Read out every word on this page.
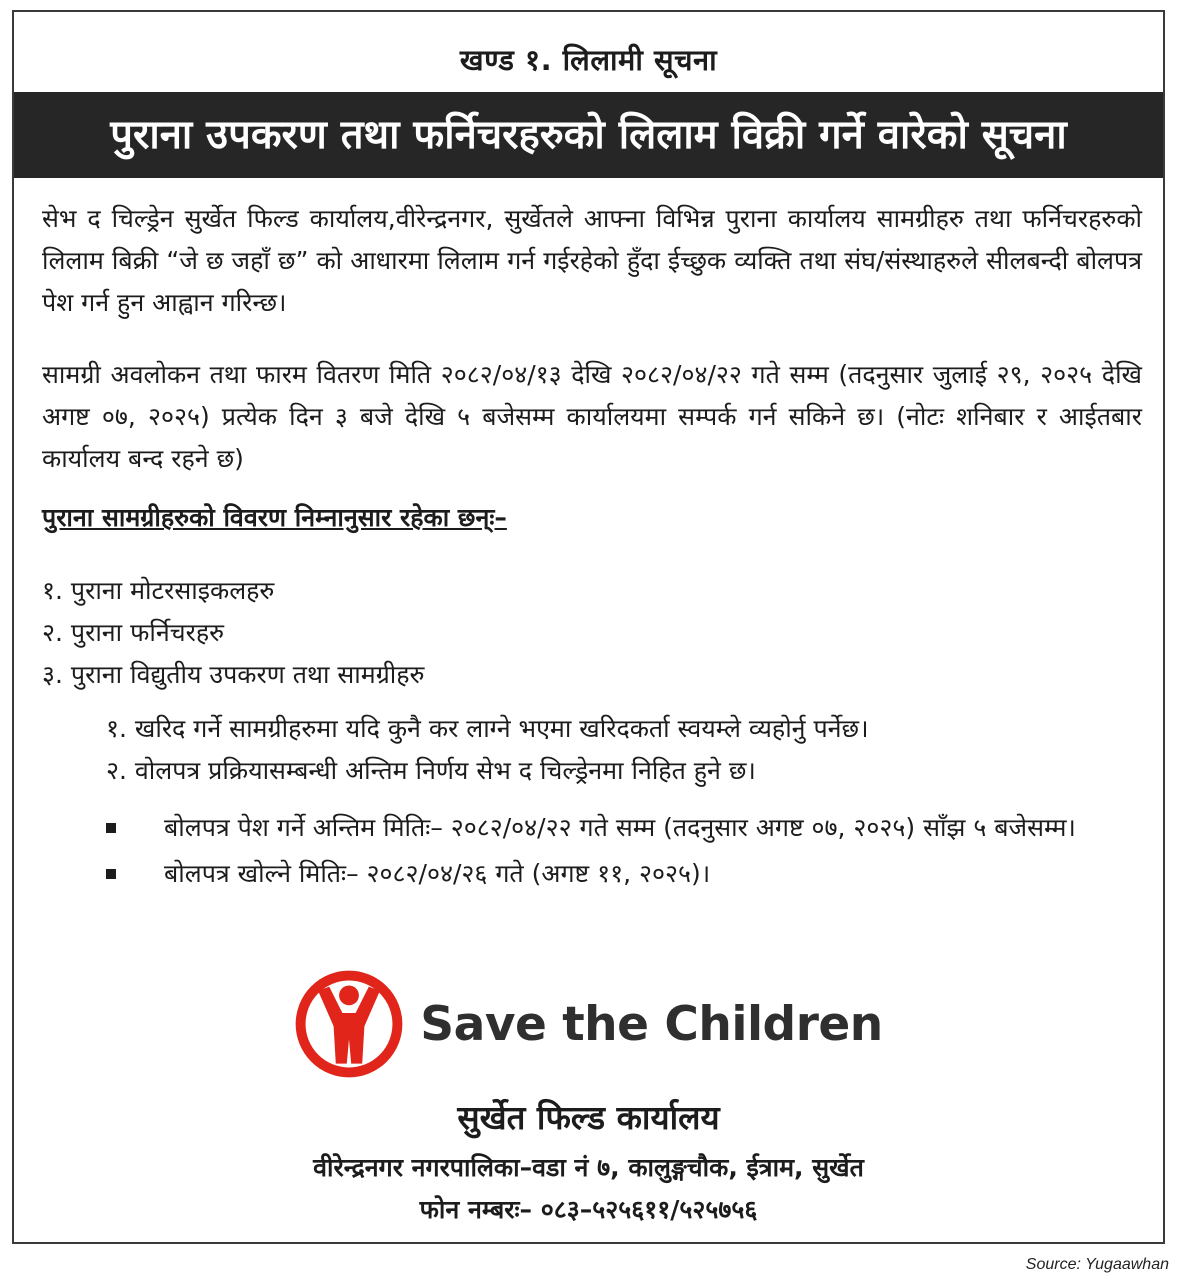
खण्ड १. लिलामी सूचना
पुराना उपकरण तथा फर्निचरहरुको लिलाम विक्री गर्ने वारेको सूचना
सेभ द चिल्ड्रेन सुर्खेत फिल्ड कार्यालय,वीरेन्द्रनगर, सुर्खेतले आफ्ना विभिन्न पुराना कार्यालय सामग्रीहरु तथा फर्निचरहरुको लिलाम बिक्री “जे छ जहाँ छ” को आधारमा लिलाम गर्न गईरहेको हुँदा ईच्छुक व्यक्ति तथा संघ/संस्थाहरुले सीलबन्दी बोलपत्र पेश गर्न हुन आह्वान गरिन्छ।
सामग्री अवलोकन तथा फारम वितरण मिति २०८२/०४/१३ देखि २०८२/०४/२२ गते सम्म (तदनुसार जुलाई २९, २०२५ देखि अगष्ट ०७, २०२५) प्रत्येक दिन ३ बजे देखि ५ बजेसम्म कार्यालयमा सम्पर्क गर्न सकिने छ। (नोटः शनिबार र आईतबार कार्यालय बन्द रहने छ)
पुराना सामग्रीहरुको विवरण निम्नानुसार रहेका छन्ः–
१. पुराना मोटरसाइकलहरु
२. पुराना फर्निचरहरु
३. पुराना विद्युतीय उपकरण तथा सामग्रीहरु
१. खरिद गर्ने सामग्रीहरुमा यदि कुनै कर लाग्ने भएमा खरिदकर्ता स्वयम्ले व्यहोर्नु पर्नेछ।
२. वोलपत्र प्रक्रियासम्बन्धी अन्तिम निर्णय सेभ द चिल्ड्रेनमा निहित हुने छ।
बोलपत्र पेश गर्ने अन्तिम मितिः– २०८२/०४/२२ गते सम्म (तदनुसार अगष्ट ०७, २०२५) साँझ ५ बजेसम्म।
बोलपत्र खोल्ने मितिः– २०८२/०४/२६ गते (अगष्ट ११, २०२५)।
Save the Children
सुर्खेत फिल्ड कार्यालय
वीरेन्द्रनगर नगरपालिका–वडा नं ७, कालुङ्गचौक, ईत्राम, सुर्खेत
फोन नम्बरः– ०८३–५२५६११/५२५७५६
Source: Yugaawhan
